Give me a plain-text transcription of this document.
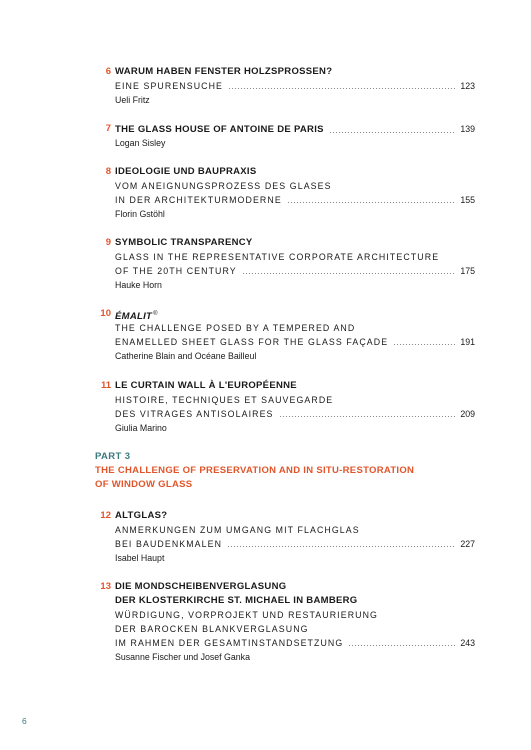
6 WARUM HABEN FENSTER HOLZSPROSSEN?
EINE SPURENSUCHE	123
Ueli Fritz
7 THE GLASS HOUSE OF ANTOINE DE PARIS	139
Logan Sisley
8 IDEOLOGIE UND BAUPRAXIS
VOM ANEIGNUNGSPROZESS DES GLASES
IN DER ARCHITEKTURMODERNE	155
Florin Gstöhl
9 SYMBOLIC TRANSPARENCY
GLASS IN THE REPRESENTATIVE CORPORATE ARCHITECTURE
OF THE 20TH CENTURY	175
Hauke Horn
10 ÉMALIT®
THE CHALLENGE POSED BY A TEMPERED AND
ENAMELLED SHEET GLASS FOR THE GLASS FAÇADE	191
Catherine Blain and Océane Bailleul
11 LE CURTAIN WALL À L'EUROPÉENNE
HISTOIRE, TECHNIQUES ET SAUVEGARDE
DES VITRAGES ANTISOLAIRES	209
Giulia Marino
PART 3
THE CHALLENGE OF PRESERVATION AND IN SITU-RESTORATION
OF WINDOW GLASS
12 ALTGLAS?
ANMERKUNGEN ZUM UMGANG MIT FLACHGLAS
BEI BAUDENKMALEN	227
Isabel Haupt
13 DIE MONDSCHEIBENVERGLASUNG
DER KLOSTERKIRCHE ST. MICHAEL IN BAMBERG
WÜRDIGUNG, VORPROJEKT UND RESTAURIERUNG
DER BAROCKEN BLANKVERGLASUNG
IM RAHMEN DER GESAMTINSTANDSETZUNG	243
Susanne Fischer und Josef Ganka
6
